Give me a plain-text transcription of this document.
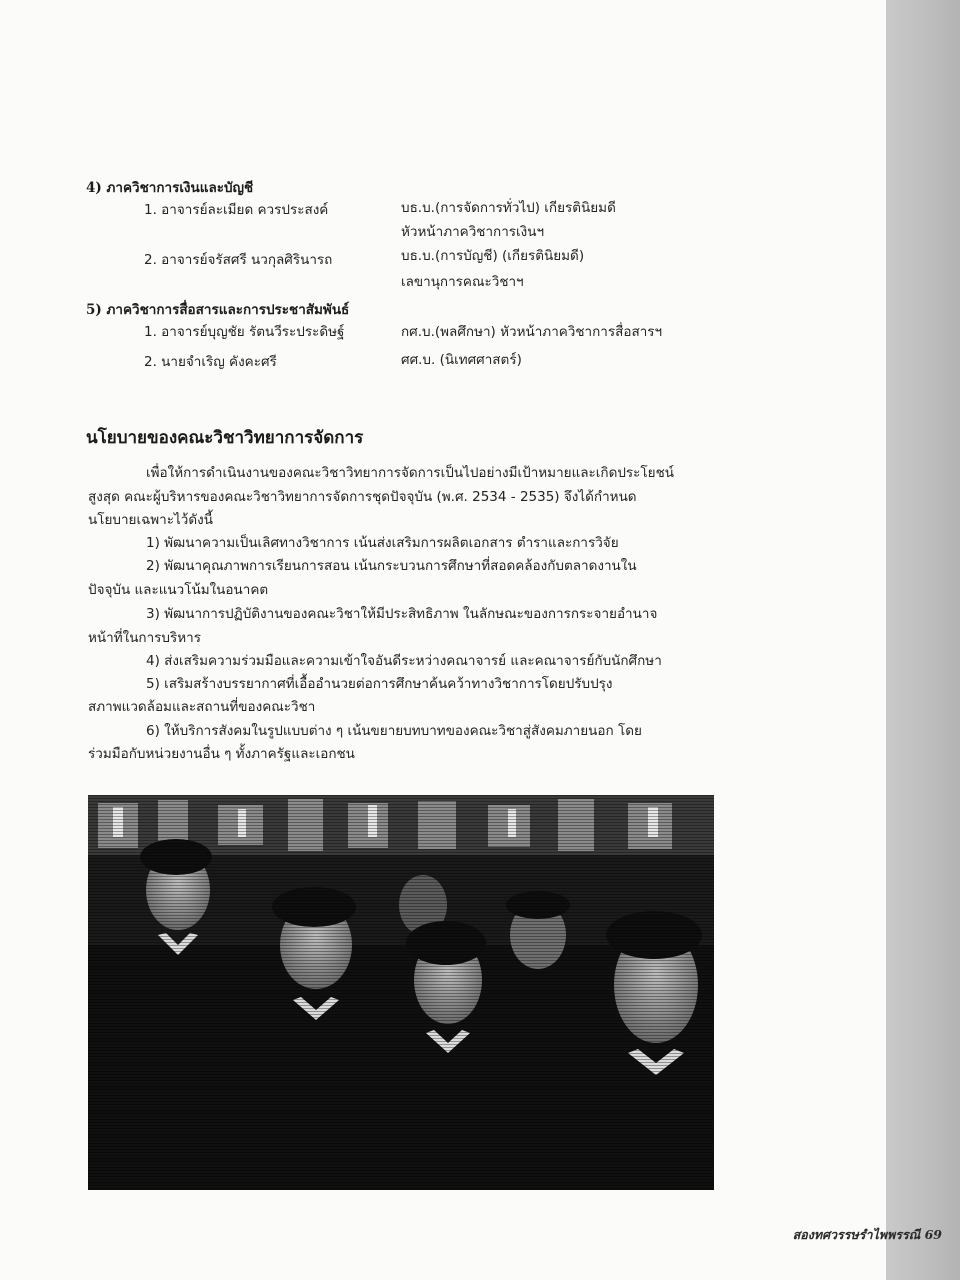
4) ภาควิชาการเงินและบัญชี
1. อาจารย์ละเมียด ควรประสงค์	บธ.บ.(การจัดการทั่วไป) เกียรตินิยมดี
หัวหน้าภาควิชาการเงินฯ
2. อาจารย์จรัสศรี นวกุลศิรินารถ	บธ.บ.(การบัญชี) (เกียรตินิยมดี)
เลขานุการคณะวิชาฯ
5) ภาควิชาการสื่อสารและการประชาสัมพันธ์
1. อาจารย์บุญชัย รัตนวีระประดิษฐ์	กศ.บ.(พลศึกษา) หัวหน้าภาควิชาการสื่อสารฯ
2. นายจำเริญ คังคะศรี	ศศ.บ. (นิเทศศาสตร์)
นโยบายของคณะวิชาวิทยาการจัดการ
เพื่อให้การดำเนินงานของคณะวิชาวิทยาการจัดการเป็นไปอย่างมีเป้าหมายและเกิดประโยชน์
สูงสุด คณะผู้บริหารของคณะวิชาวิทยาการจัดการชุดปัจจุบัน (พ.ศ. 2534 - 2535) จึงได้กำหนด
นโยบายเฉพาะไว้ดังนี้
1) พัฒนาความเป็นเลิศทางวิชาการ เน้นส่งเสริมการผลิตเอกสาร ตำราและการวิจัย
2) พัฒนาคุณภาพการเรียนการสอน เน้นกระบวนการศึกษาที่สอดคล้องกับตลาดงานใน
ปัจจุบัน และแนวโน้มในอนาคต
3) พัฒนาการปฏิบัติงานของคณะวิชาให้มีประสิทธิภาพ ในลักษณะของการกระจายอำนาจ
หน้าที่ในการบริหาร
4) ส่งเสริมความร่วมมือและความเข้าใจอันดีระหว่างคณาจารย์ และคณาจารย์กับนักศึกษา
5) เสริมสร้างบรรยากาศที่เอื้ออำนวยต่อการศึกษาค้นคว้าทางวิชาการโดยปรับปรุง
สภาพแวดล้อมและสถานที่ของคณะวิชา
6) ให้บริการสังคมในรูปแบบต่าง ๆ เน้นขยายบทบาทของคณะวิชาสู่สังคมภายนอก โดย
ร่วมมือกับหน่วยงานอื่น ๆ ทั้งภาครัฐและเอกชน
สองทศวรรษรำไพพรรณี 69
